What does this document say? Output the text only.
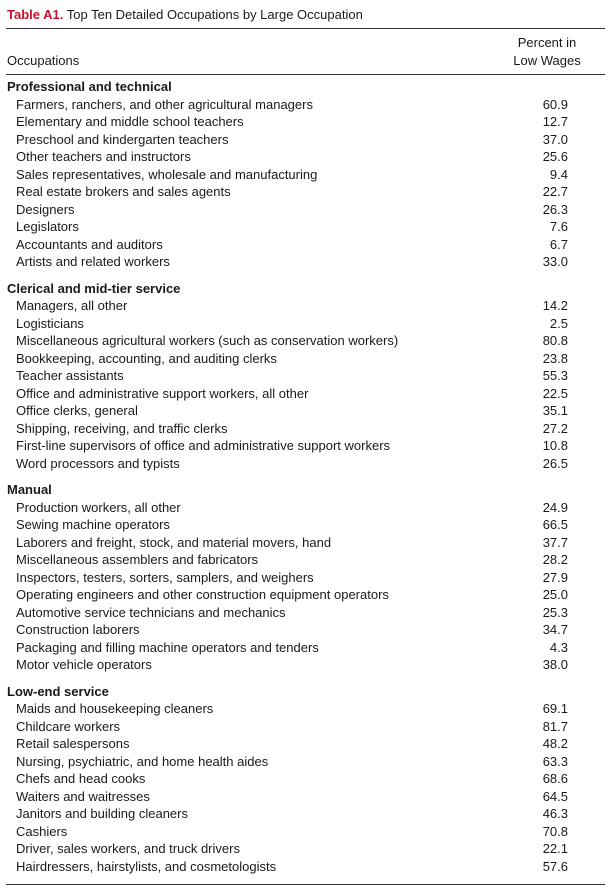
Table A1. Top Ten Detailed Occupations by Large Occupation
Occupations
Percent in
Low Wages
Professional and technical
Farmers, ranchers, and other agricultural managers	60.9
Elementary and middle school teachers	12.7
Preschool and kindergarten teachers	37.0
Other teachers and instructors	25.6
Sales representatives, wholesale and manufacturing	9.4
Real estate brokers and sales agents	22.7
Designers	26.3
Legislators	7.6
Accountants and auditors	6.7
Artists and related workers	33.0
Clerical and mid-tier service
Managers, all other	14.2
Logisticians	2.5
Miscellaneous agricultural workers (such as conservation workers)	80.8
Bookkeeping, accounting, and auditing clerks	23.8
Teacher assistants	55.3
Office and administrative support workers, all other	22.5
Office clerks, general	35.1
Shipping, receiving, and traffic clerks	27.2
First-line supervisors of office and administrative support workers	10.8
Word processors and typists	26.5
Manual
Production workers, all other	24.9
Sewing machine operators	66.5
Laborers and freight, stock, and material movers, hand	37.7
Miscellaneous assemblers and fabricators	28.2
Inspectors, testers, sorters, samplers, and weighers	27.9
Operating engineers and other construction equipment operators	25.0
Automotive service technicians and mechanics	25.3
Construction laborers	34.7
Packaging and filling machine operators and tenders	4.3
Motor vehicle operators	38.0
Low-end service
Maids and housekeeping cleaners	69.1
Childcare workers	81.7
Retail salespersons	48.2
Nursing, psychiatric, and home health aides	63.3
Chefs and head cooks	68.6
Waiters and waitresses	64.5
Janitors and building cleaners	46.3
Cashiers	70.8
Driver, sales workers, and truck drivers	22.1
Hairdressers, hairstylists, and cosmetologists	57.6
